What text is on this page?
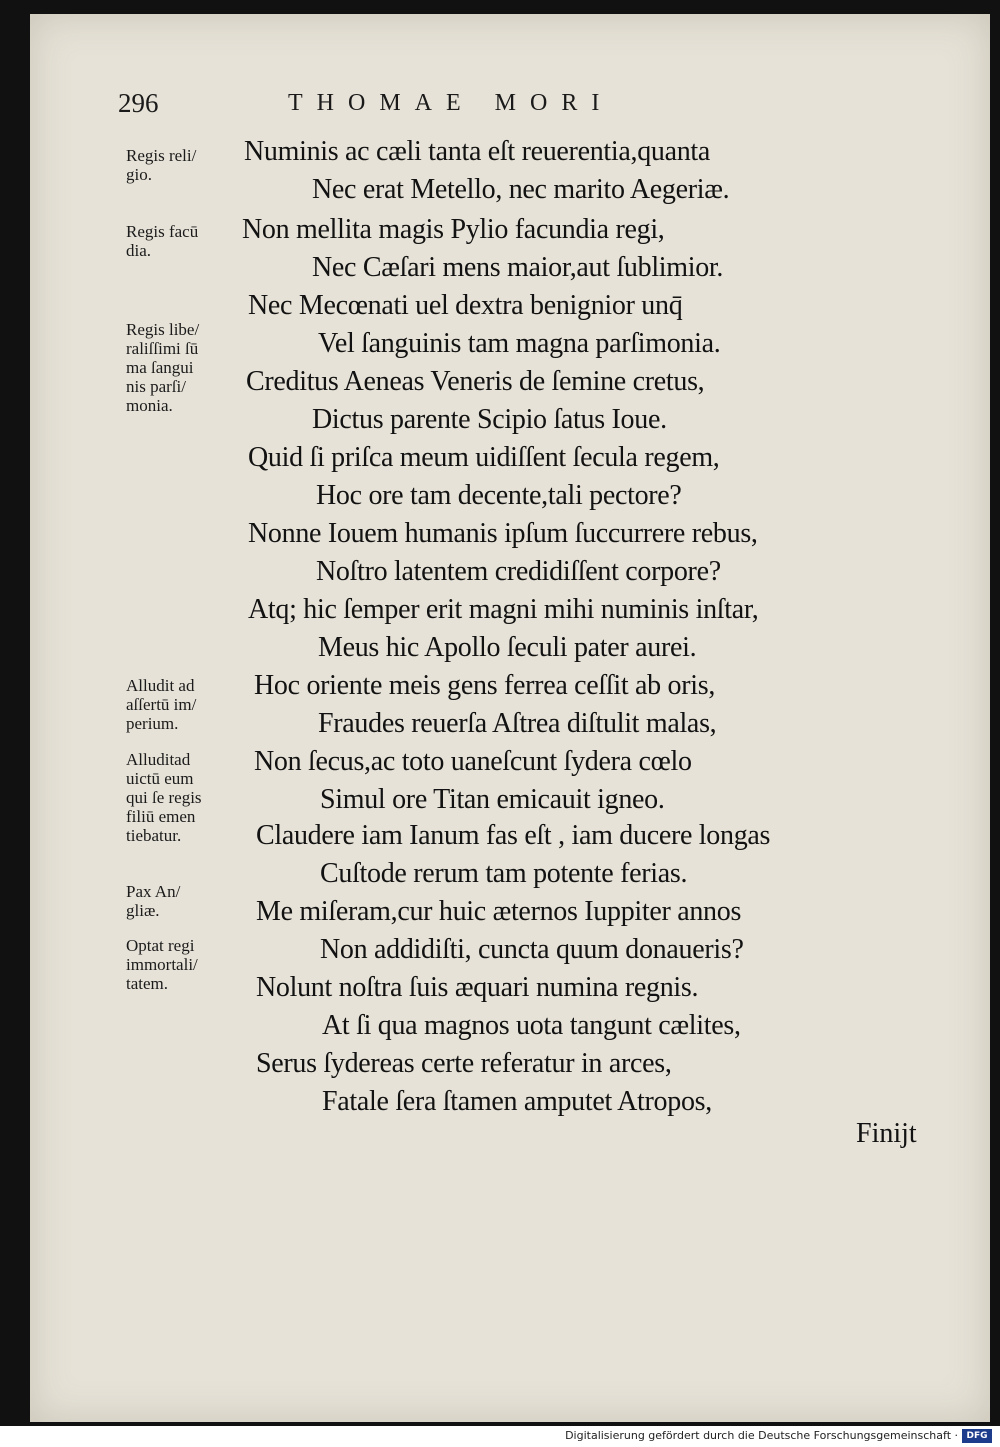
296	THOMAE MORI
Regis reli/
gio.
Regis facū
dia.
Regis libe/
raliſſimi ſū
ma ſangui
nis parſi/
monia.
Alludit ad
aſſertū im/
perium.
Alluditad
uictū eum
qui ſe regis
filiū emen
tiebatur.
Pax An/
gliæ.
Optat regi
immortali/
tatem.
Numinis ac cæli tanta eſt reuerentia,quanta
Nec erat Metello, nec marito Aegeriæ.
Non mellita magis Pylio facundia regi,
Nec Cæſari mens maior,aut ſublimior.
Nec Mecœnati uel dextra benignior unq̄
Vel ſanguinis tam magna parſimonia.
Creditus Aeneas Veneris de ſemine cretus,
Dictus parente Scipio ſatus Ioue.
Quid ſi priſca meum uidiſſent ſecula regem,
Hoc ore tam decente,tali pectore?
Nonne Iouem humanis ipſum ſuccurrere rebus,
Noſtro latentem credidiſſent corpore?
Atq; hic ſemper erit magni mihi numinis inſtar,
Meus hic Apollo ſeculi pater aurei.
Hoc oriente meis gens ferrea ceſſit ab oris,
Fraudes reuerſa Aſtrea diſtulit malas,
Non ſecus,ac toto uaneſcunt ſydera cœlo
Simul ore Titan emicauit igneo.
Claudere iam Ianum fas eſt , iam ducere longas
Cuſtode rerum tam potente ferias.
Me miſeram,cur huic æternos Iuppiter annos
Non addidiſti, cuncta quum donaueris?
Nolunt noſtra ſuis æquari numina regnis.
At ſi qua magnos uota tangunt cælites,
Serus ſydereas certe referatur in arces,
Fatale ſera ſtamen amputet Atropos,
Finijt
Digitalisierung gefördert durch die Deutsche Forschungsgemeinschaft · DFG
